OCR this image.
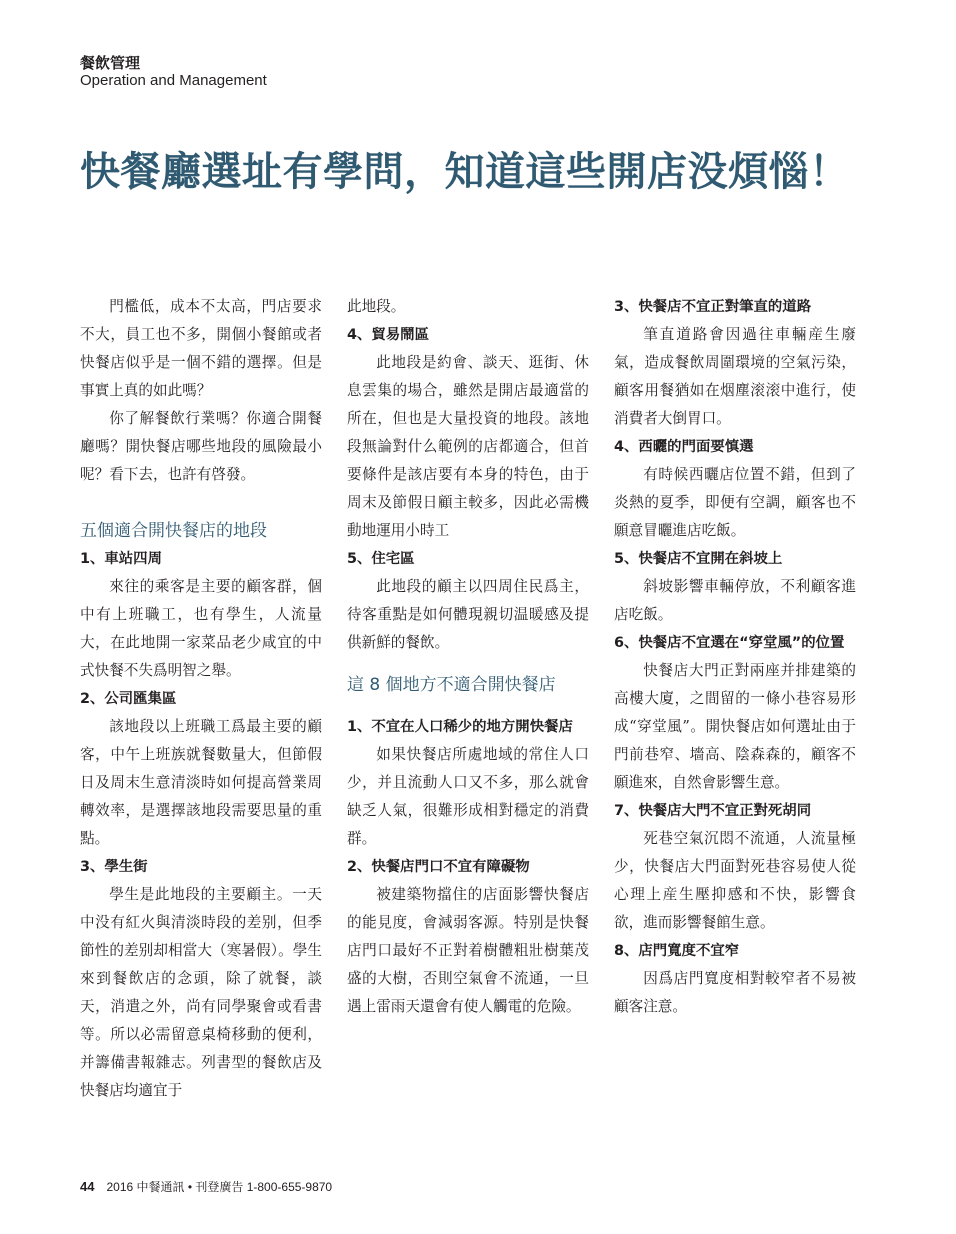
餐飲管理
Operation and Management
快餐廳選址有學問，知道這些開店没煩惱！

門檻低，成本不太高，門店要求不大，員工也不多，開個小餐館或者快餐店似乎是一個不錯的選擇。但是事實上真的如此嗎？

你了解餐飲行業嗎？你適合開餐廳嗎？開快餐店哪些地段的風險最小呢？看下去，也許有啓發。

五個適合開快餐店的地段
1、車站四周

來往的乘客是主要的顧客群，個中有上班職工，也有學生，人流量大，在此地開一家菜品老少咸宜的中式快餐不失爲明智之舉。

2、公司匯集區

該地段以上班職工爲最主要的顧客，中午上班族就餐數量大，但節假日及周末生意清淡時如何提高營業周轉效率，是選擇該地段需要思量的重點。

3、學生街

學生是此地段的主要顧主。一天中没有紅火與清淡時段的差别，但季節性的差别却相當大（寒暑假）。學生來到餐飲店的念頭，除了就餐，談天，消遣之外，尚有同學聚會或看書等。所以必需留意桌椅移動的便利，并籌備書報雜志。列書型的餐飲店及快餐店均適宜于

此地段。

4、貿易鬧區

此地段是約會、談天、逛街、休息雲集的場合，雖然是開店最適當的所在，但也是大量投資的地段。該地段無論對什么範例的店都適合，但首要條件是該店要有本身的特色，由于周末及節假日顧主較多，因此必需機動地運用小時工

5、住宅區

此地段的顧主以四周住民爲主，待客重點是如何體現親切温暖感及提供新鮮的餐飲。

這 8 個地方不適合開快餐店
1、不宜在人口稀少的地方開快餐店

如果快餐店所處地域的常住人口少，并且流動人口又不多，那么就會缺乏人氣，很難形成相對穩定的消費群。

2、快餐店門口不宜有障礙物

被建築物擋住的店面影響快餐店的能見度，會減弱客源。特别是快餐店門口最好不正對着樹體粗壯樹葉茂盛的大樹，否則空氣會不流通，一旦遇上雷雨天還會有使人觸電的危險。

3、快餐店不宜正對筆直的道路

筆直道路會因過往車輛産生廢氣，造成餐飲周圍環境的空氣污染，顧客用餐猶如在烟塵滚滚中進行，使消費者大倒胃口。

4、西曬的門面要慎選

有時候西曬店位置不錯，但到了炎熱的夏季，即便有空調，顧客也不願意冒曬進店吃飯。

5、快餐店不宜開在斜坡上

斜坡影響車輛停放，不利顧客進店吃飯。

6、快餐店不宜選在“穿堂風”的位置

快餐店大門正對兩座并排建築的高樓大廈，之間留的一條小巷容易形成“穿堂風”。開快餐店如何選址由于門前巷窄、墻高、陰森森的，顧客不願進來，自然會影響生意。

7、快餐店大門不宜正對死胡同

死巷空氣沉悶不流通，人流量極少，快餐店大門面對死巷容易使人從心理上産生壓抑感和不快，影響食欲，進而影響餐館生意。

8、店門寬度不宜窄

因爲店門寬度相對較窄者不易被顧客注意。

44 2016 中餐通訊 • 刊登廣告 1-800-655-9870
